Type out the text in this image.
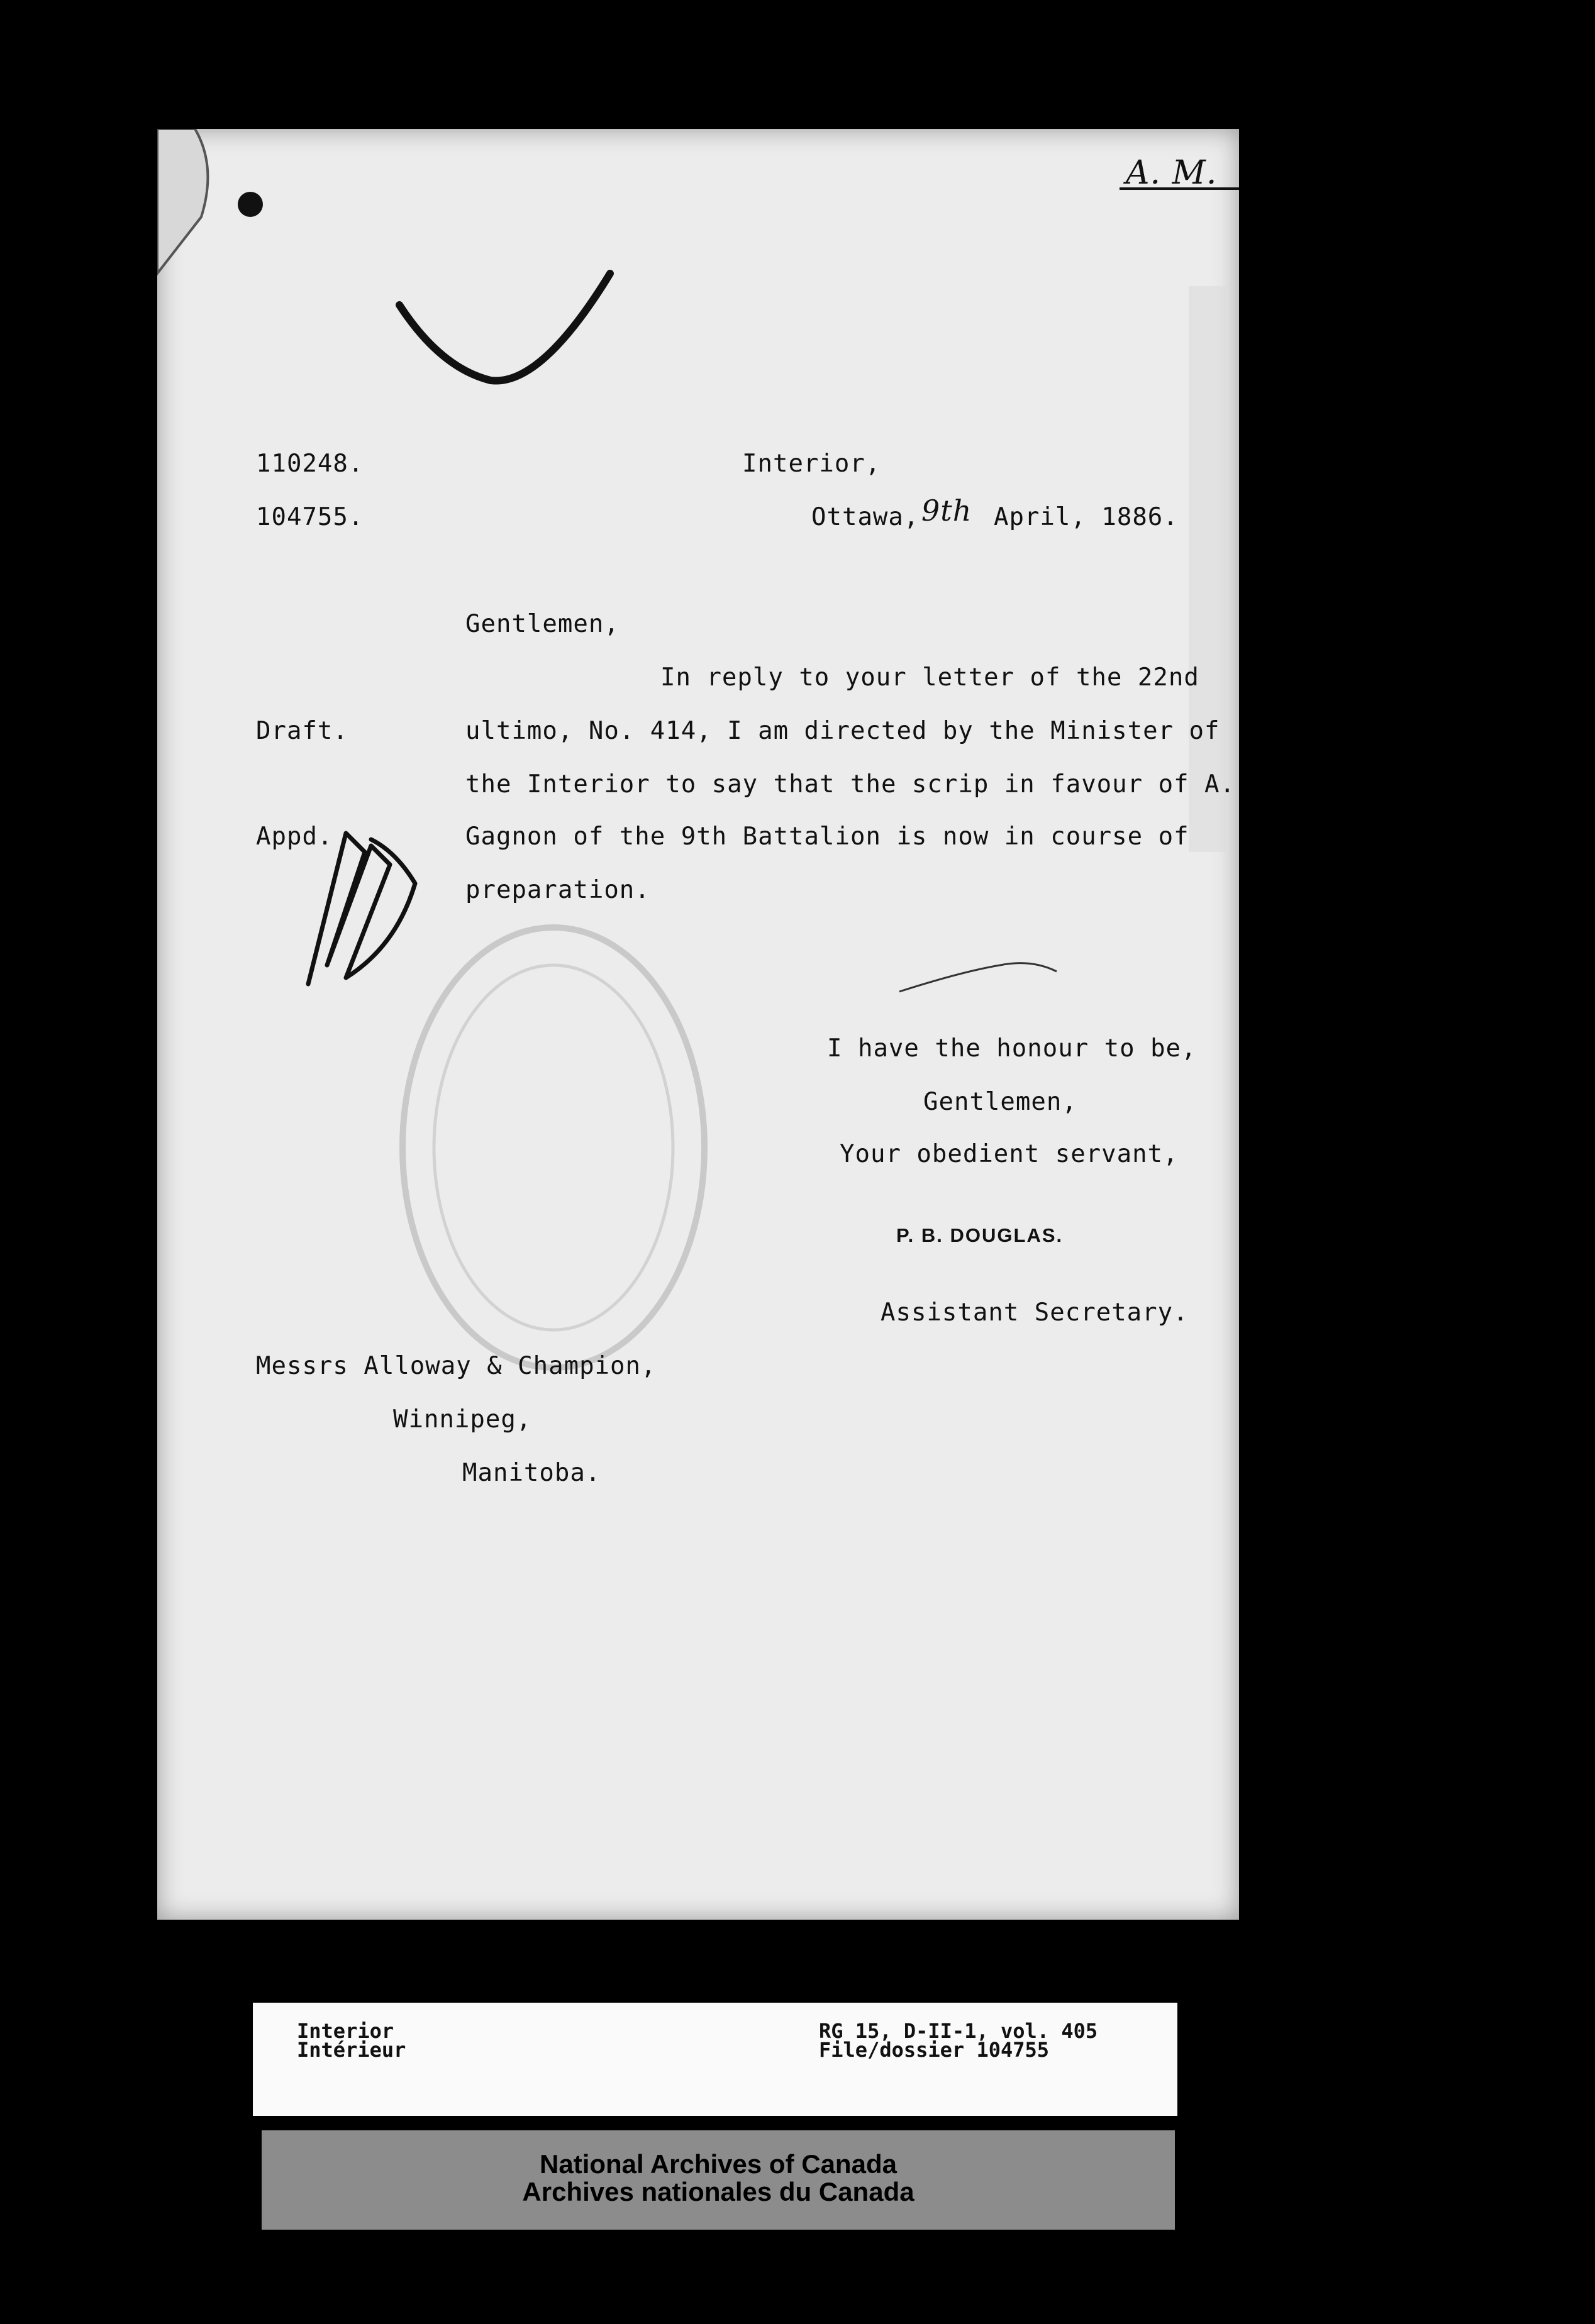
A. M.
110248.
104755.
Interior,
Ottawa, 9th April, 1886.
Gentlemen,
In reply to your letter of the 22nd
ultimo, No. 414, I am directed by the Minister of
the Interior to say that the scrip in favour of A.
Gagnon of the 9th Battalion is now in course of
preparation.
Draft.
Appd.
I have the honour to be,
Gentlemen,
Your obedient servant,
P. B. DOUGLAS.
Assistant Secretary.
Messrs Alloway & Champion,
Winnipeg,
Manitoba.
Interior
Intérieur
RG 15, D-II-1, vol. 405
File/dossier 104755
National Archives of Canada
Archives nationales du Canada
